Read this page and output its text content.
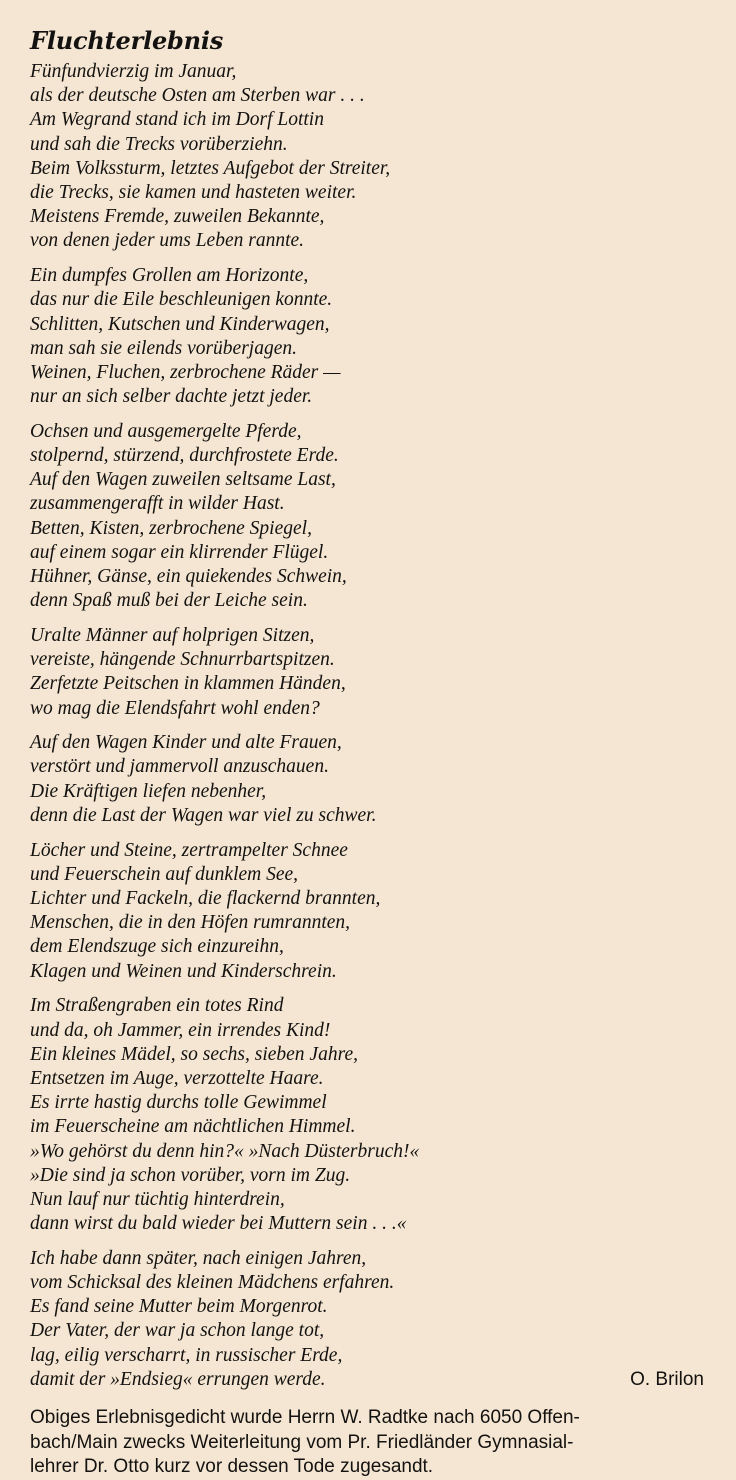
Fluchterlebnis
Fünfundvierzig im Januar,
als der deutsche Osten am Sterben war . . .
Am Wegrand stand ich im Dorf Lottin
und sah die Trecks vorüberziehn.
Beim Volkssturm, letztes Aufgebot der Streiter,
die Trecks, sie kamen und hasteten weiter.
Meistens Fremde, zuweilen Bekannte,
von denen jeder ums Leben rannte.
Ein dumpfes Grollen am Horizonte,
das nur die Eile beschleunigen konnte.
Schlitten, Kutschen und Kinderwagen,
man sah sie eilends vorüberjagen.
Weinen, Fluchen, zerbrochene Räder —
nur an sich selber dachte jetzt jeder.
Ochsen und ausgemergelte Pferde,
stolpernd, stürzend, durchfrostete Erde.
Auf den Wagen zuweilen seltsame Last,
zusammengerafft in wilder Hast.
Betten, Kisten, zerbrochene Spiegel,
auf einem sogar ein klirrender Flügel.
Hühner, Gänse, ein quiekendes Schwein,
denn Spaß muß bei der Leiche sein.
Uralte Männer auf holprigen Sitzen,
vereiste, hängende Schnurrbartspitzen.
Zerfetzte Peitschen in klammen Händen,
wo mag die Elendsfahrt wohl enden?
Auf den Wagen Kinder und alte Frauen,
verstört und jammervoll anzuschauen.
Die Kräftigen liefen nebenher,
denn die Last der Wagen war viel zu schwer.
Löcher und Steine, zertrampelter Schnee
und Feuerschein auf dunklem See,
Lichter und Fackeln, die flackernd brannten,
Menschen, die in den Höfen rumrannten,
dem Elendszuge sich einzureihn,
Klagen und Weinen und Kinderschrein.
Im Straßengraben ein totes Rind
und da, oh Jammer, ein irrendes Kind!
Ein kleines Mädel, so sechs, sieben Jahre,
Entsetzen im Auge, verzottelte Haare.
Es irrte hastig durchs tolle Gewimmel
im Feuerscheine am nächtlichen Himmel.
»Wo gehörst du denn hin?« »Nach Düsterbruch!«
»Die sind ja schon vorüber, vorn im Zug.
Nun lauf nur tüchtig hinterdrein,
dann wirst du bald wieder bei Muttern sein . . .«
Ich habe dann später, nach einigen Jahren,
vom Schicksal des kleinen Mädchens erfahren.
Es fand seine Mutter beim Morgenrot.
Der Vater, der war ja schon lange tot,
lag, eilig verscharrt, in russischer Erde,
damit der »Endsieg« errungen werde.	O. Brilon
Obiges Erlebnisgedicht wurde Herrn W. Radtke nach 6050 Offen-
bach/Main zwecks Weiterleitung vom Pr. Friedländer Gymnasial-
lehrer Dr. Otto kurz vor dessen Tode zugesandt.
